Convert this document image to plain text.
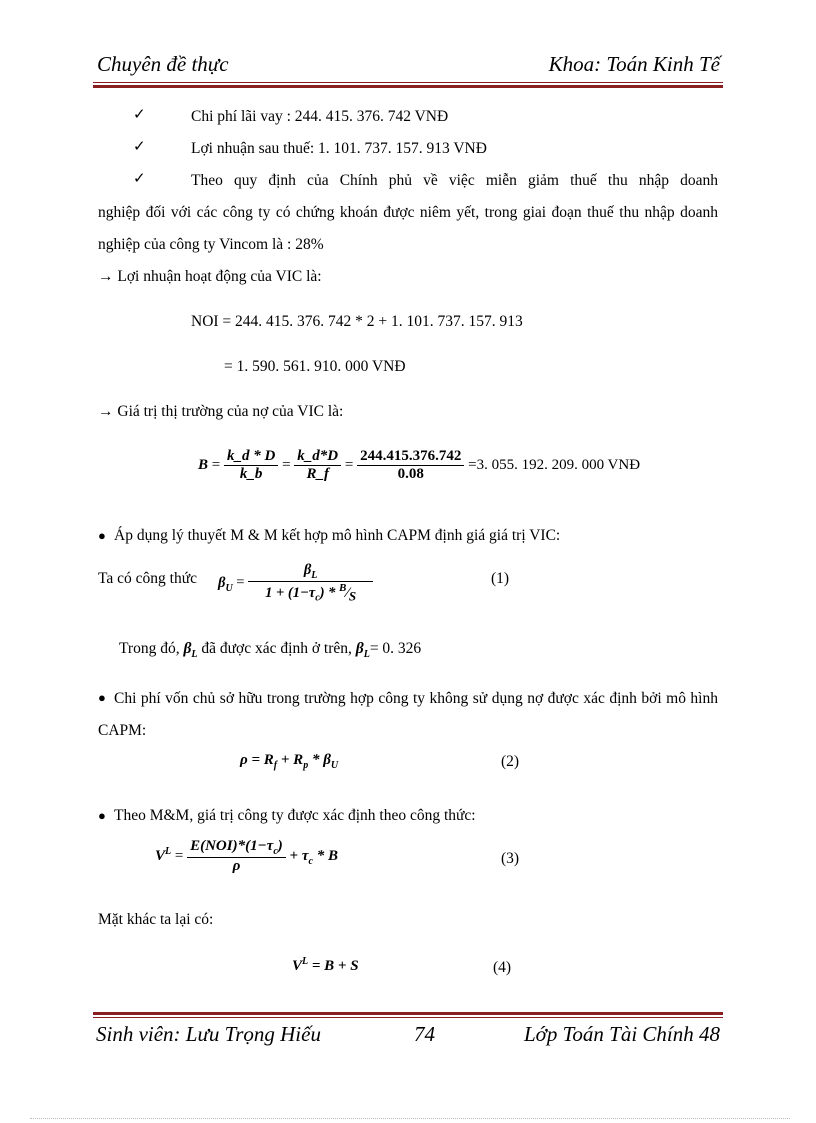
Chuyên đề thực	Khoa: Toán Kinh Tế
✓	Chi phí lãi vay : 244. 415. 376. 742 VNĐ
✓	Lợi nhuận sau thuế: 1. 101. 737. 157. 913 VNĐ
✓	Theo quy định của Chính phủ về việc miễn giảm thuế thu nhập doanh
nghiệp đối với các công ty có chứng khoán được niêm yết, trong giai đoạn thuế thu nhập doanh nghiệp của công ty Vincom là : 28%
→ Lợi nhuận hoạt động của VIC là:
NOI = 244. 415. 376. 742 * 2 + 1. 101. 737. 157. 913
= 1. 590. 561. 910. 000 VNĐ
→ Giá trị thị trường của nợ của VIC là:
$B = \frac{k\_d * D}{k\_b} = \frac{k\_d*D}{R\_f} = \frac{244.415.376.742}{0.08} =3$. 055. 192. 209. 000 VNĐ
● Áp dụng lý thuyết M & M kết hợp mô hình CAPM định giá giá trị VIC:
Ta có công thức $\beta_U = \frac{\beta_L}{1 + (1-\tau_c) * ^B⁄_S}$	(1)
Trong đó, $\beta_L$ đã được xác định ở trên, $\beta_L= 0$. 326
● Chi phí vốn chủ sở hữu trong trường hợp công ty không sử dụng nợ được xác định bởi mô hình CAPM:
$\rho = R_f + R_p * \beta_U$	(2)
● Theo M&M, giá trị công ty được xác định theo công thức:
$V^L = \frac{E(NOI)*(1-\tau_c)}{\rho} + \tau_c * B$	(3)
Mặt khác ta lại có:
$V^L = B + S$	(4)
Sinh viên: Lưu Trọng Hiếu	74	Lớp Toán Tài Chính 48
